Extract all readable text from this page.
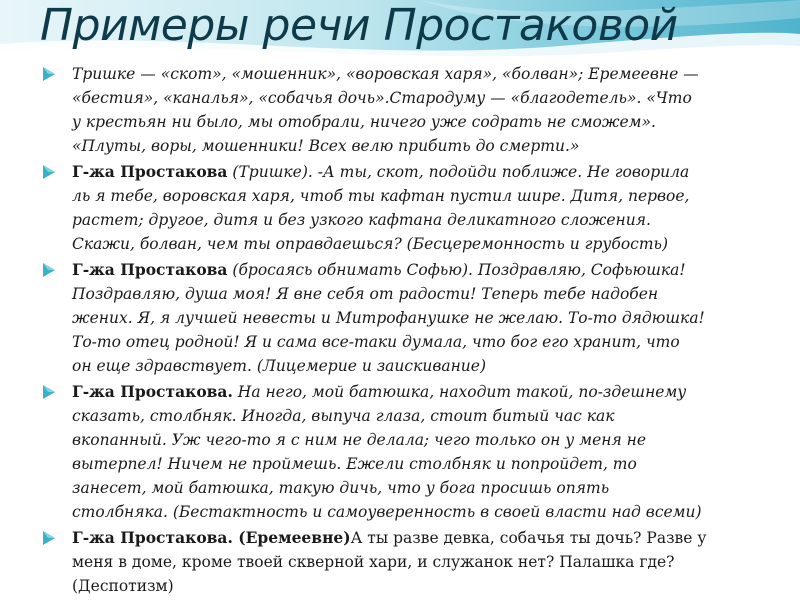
Примеры речи Простаковой
Тришке — «скот», «мошенник», «воровская харя», «болван»; Еремеевне —
«бестия», «каналья», «собачья дочь».Стародуму — «благодетель». «Что
у крестьян ни было, мы отобрали, ничего уже содрать не сможем».
«Плуты, воры, мошенники! Всех велю прибить до смерти.»
Г-жа Простакова (Тришке). -А ты, скот, подойди поближе. Не говорила
ль я тебе, воровская харя, чтоб ты кафтан пустил шире. Дитя, первое,
растет; другое, дитя и без узкого кафтана деликатного сложения.
Скажи, болван, чем ты оправдаешься? (Бесцеремонность и грубость)
Г-жа Простакова (бросаясь обнимать Софью). Поздравляю, Софьюшка!
Поздравляю, душа моя! Я вне себя от радости! Теперь тебе надобен
жених. Я, я лучшей невесты и Митрофанушке не желаю. То-то дядюшка!
То-то отец родной! Я и сама все-таки думала, что бог его хранит, что
он еще здравствует. (Лицемерие и заискивание)
Г-жа Простакова. На него, мой батюшка, находит такой, по-здешнему
сказать, столбняк. Иногда, выпуча глаза, стоит битый час как
вкопанный. Уж чего-то я с ним не делала; чего только он у меня не
вытерпел! Ничем не проймешь. Ежели столбняк и попройдет, то
занесет, мой батюшка, такую дичь, что у бога просишь опять
столбняка. (Бестактность и самоуверенность в своей власти над всеми)
Г-жа Простакова. (Еремеевне)А ты разве девка, собачья ты дочь? Разве у
меня в доме, кроме твоей скверной хари, и служанок нет? Палашка где?
(Деспотизм)
